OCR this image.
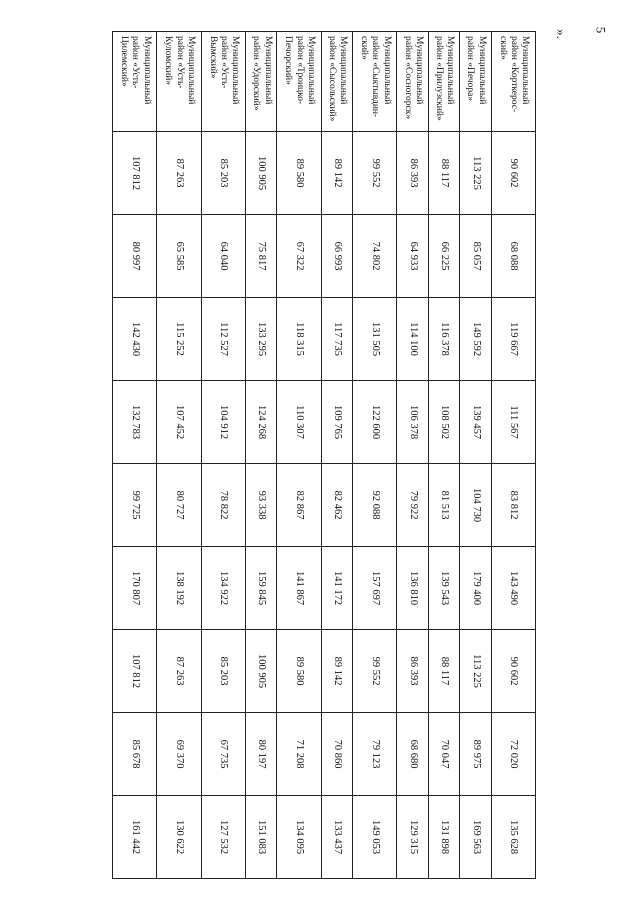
5
».
Муниципальный район «Корткерос-ский»	90 602	68 088	119 667	111 567	83 812	143 490	90 602	72 020	135 628
Муниципальный район «Печора»	113 225	85 057	149 592	139 457	104 730	179 400	113 225	89 975	169 563
Муниципальный район «Прилузский»	88 117	66 225	116 378	108 502	81 513	139 543	88 117	70 047	131 898
Муниципальный район «Сосногорск»	86 393	64 933	114 100	106 378	79 922	136 810	86 393	68 680	129 315
Муниципальный район «Сыктывдин-ский»	99 552	74 802	131 505	122 600	92 088	157 697	99 552	79 123	149 053
Муниципальный район «Сысольский»	89 142	66 993	117 735	109 765	82 462	141 172	89 142	70 860	133 437
Муниципальный район «Троицко-Печорский»	89 580	67 322	118 315	110 307	82 867	141 867	89 580	71 208	134 095
Муниципальный район «Удорский»	100 905	75 817	133 295	124 268	93 338	159 845	100 905	80 197	151 083
Муниципальный район «Усть-Вымский»	85 203	64 040	112 527	104 912	78 822	134 922	85 203	67 735	127 532
Муниципальный район «Усть-Куломский»	87 263	65 585	115 252	107 452	80 727	138 192	87 263	69 370	130 622
Муниципальный район «Усть-Цилемский»	107 812	80 997	142 430	132 783	99 725	170 807	107 812	85 678	161 442
